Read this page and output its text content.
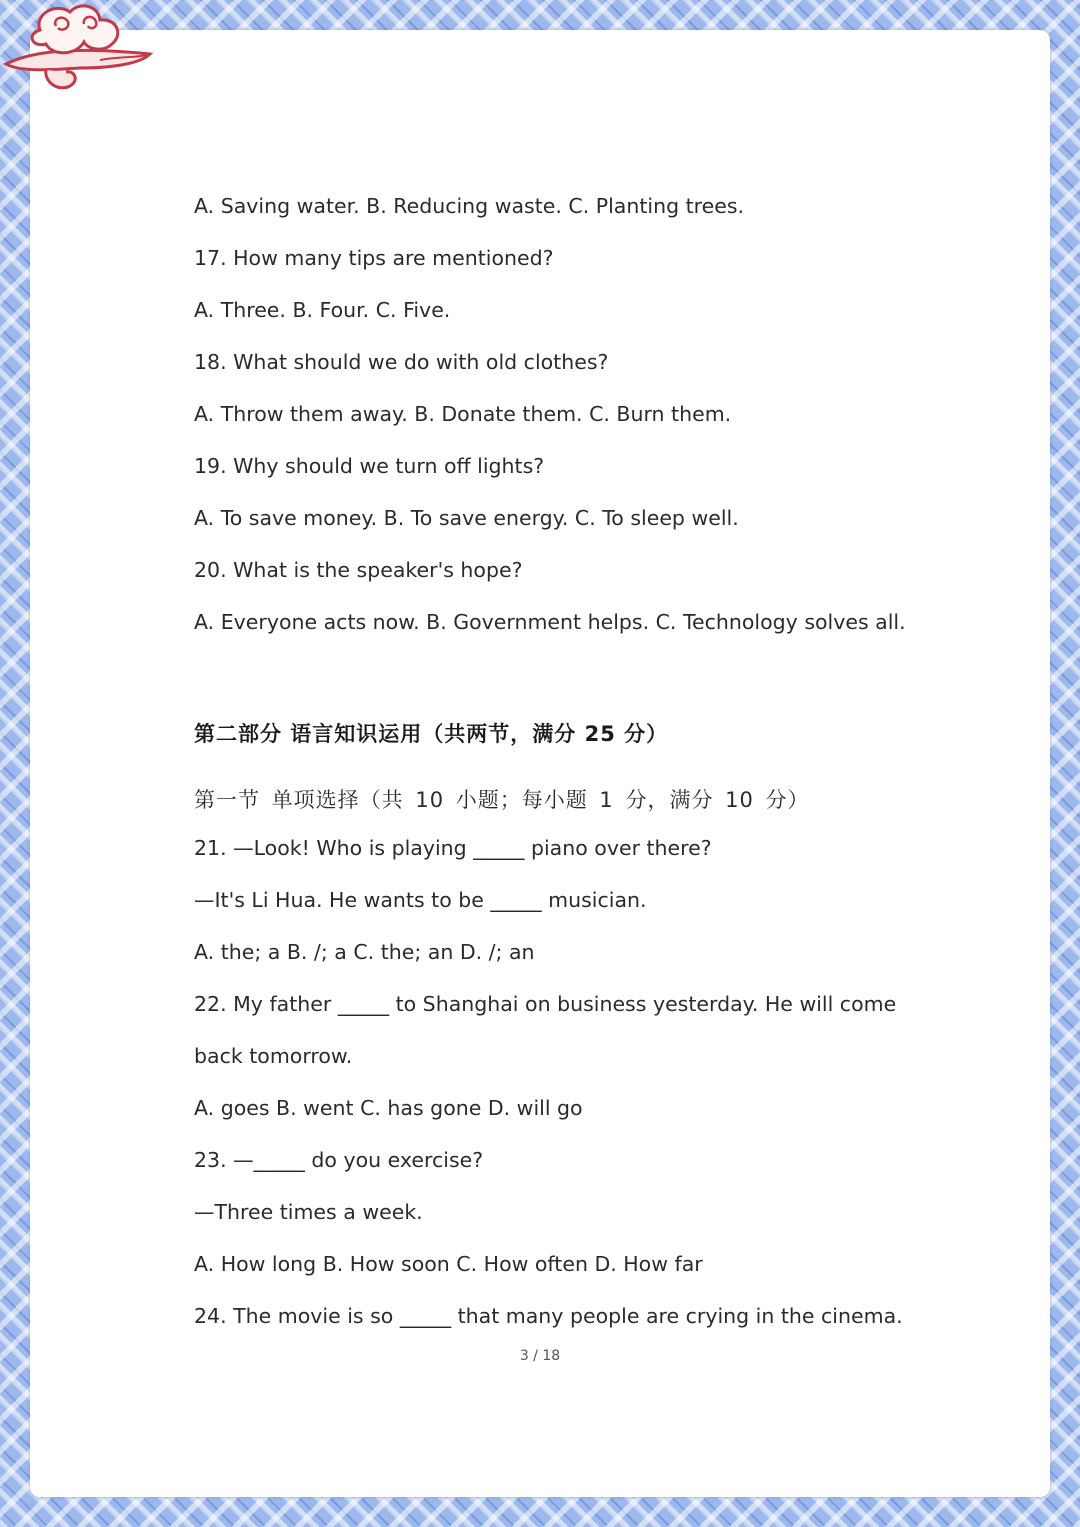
A. Saving water. B. Reducing waste. C. Planting trees.
17. How many tips are mentioned?
A. Three. B. Four. C. Five.
18. What should we do with old clothes?
A. Throw them away. B. Donate them. C. Burn them.
19. Why should we turn off lights?
A. To save money. B. To save energy. C. To sleep well.
20. What is the speaker's hope?
A. Everyone acts now. B. Government helps. C. Technology solves all.
第二部分 语言知识运用（共两节，满分 25 分）
第一节 单项选择（共 10 小题；每小题 1 分，满分 10 分）
21. —Look! Who is playing _____ piano over there?
—It's Li Hua. He wants to be _____ musician.
A. the; a B. /; a C. the; an D. /; an
22. My father _____ to Shanghai on business yesterday. He will come
back tomorrow.
A. goes B. went C. has gone D. will go
23. —_____ do you exercise?
—Three times a week.
A. How long B. How soon C. How often D. How far
24. The movie is so _____ that many people are crying in the cinema.
3 / 18
